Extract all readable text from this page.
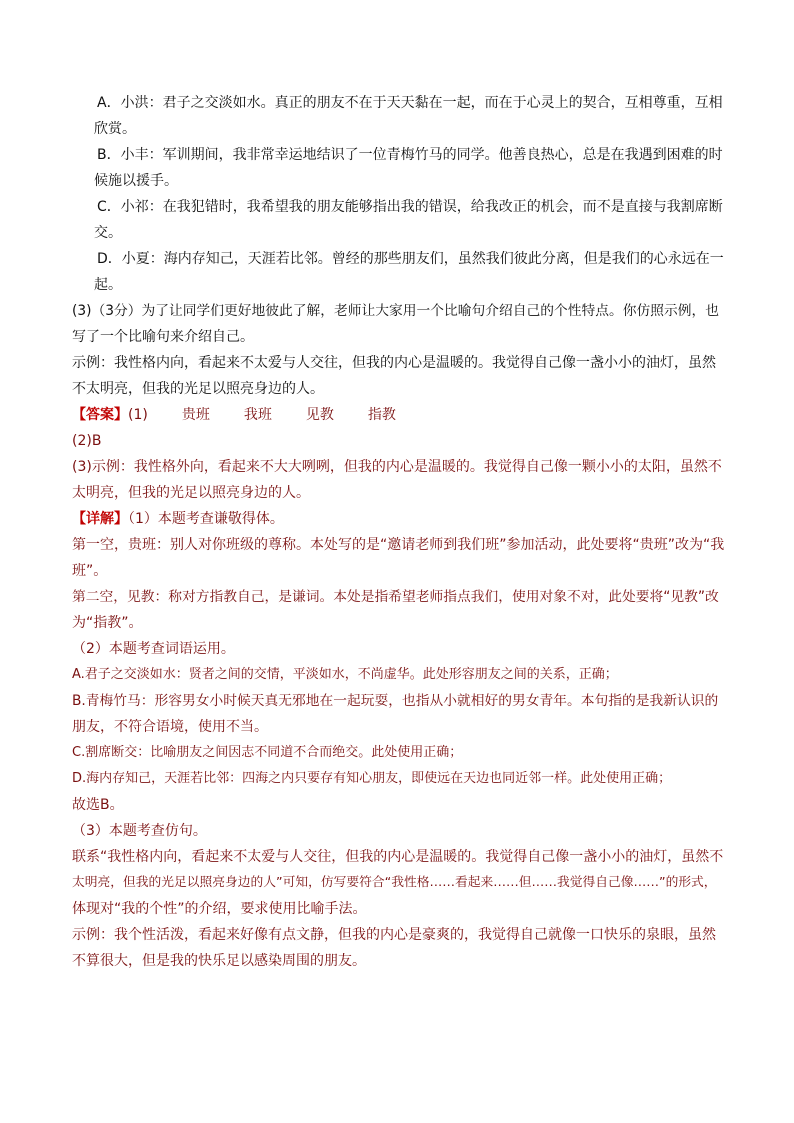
A．小洪：君子之交淡如水。真正的朋友不在于天天黏在一起，而在于心灵上的契合，互相尊重，互相
欣赏。
B．小丰：军训期间，我非常幸运地结识了一位青梅竹马的同学。他善良热心，总是在我遇到困难的时
候施以援手。
C．小祁：在我犯错时，我希望我的朋友能够指出我的错误，给我改正的机会，而不是直接与我割席断
交。
D．小夏：海内存知己，天涯若比邻。曾经的那些朋友们，虽然我们彼此分离，但是我们的心永远在一
起。
(3)（3分）为了让同学们更好地彼此了解，老师让大家用一个比喻句介绍自己的个性特点。你仿照示例，也
写了一个比喻句来介绍自己。
示例：我性格内向，看起来不太爱与人交往，但我的内心是温暖的。我觉得自己像一盏小小的油灯，虽然
不太明亮，但我的光足以照亮身边的人。
【答案】(1) 贵班 我班 见教 指教
(2)B
(3)示例：我性格外向，看起来不大大咧咧，但我的内心是温暖的。我觉得自己像一颗小小的太阳，虽然不
太明亮，但我的光足以照亮身边的人。
【详解】（1）本题考查谦敬得体。
第一空，贵班：别人对你班级的尊称。本处写的是“邀请老师到我们班”参加活动，此处要将“贵班”改为“我
班”。
第二空，见教：称对方指教自己，是谦词。本处是指希望老师指点我们，使用对象不对，此处要将“见教”改
为“指教”。
（2）本题考查词语运用。
A.君子之交淡如水：贤者之间的交情，平淡如水，不尚虚华。此处形容朋友之间的关系，正确；
B.青梅竹马：形容男女小时候天真无邪地在一起玩耍，也指从小就相好的男女青年。本句指的是我新认识的
朋友，不符合语境，使用不当。
C.割席断交：比喻朋友之间因志不同道不合而绝交。此处使用正确；
D.海内存知己，天涯若比邻：四海之内只要存有知心朋友，即使远在天边也同近邻一样。此处使用正确；
故选B。
（3）本题考查仿句。
联系“我性格内向，看起来不太爱与人交往，但我的内心是温暖的。我觉得自己像一盏小小的油灯，虽然不
太明亮，但我的光足以照亮身边的人”可知，仿写要符合“我性格……看起来……但……我觉得自己像……”的形式，
体现对“我的个性”的介绍，要求使用比喻手法。
示例：我个性活泼，看起来好像有点文静，但我的内心是豪爽的，我觉得自己就像一口快乐的泉眼，虽然
不算很大，但是我的快乐足以感染周围的朋友。
